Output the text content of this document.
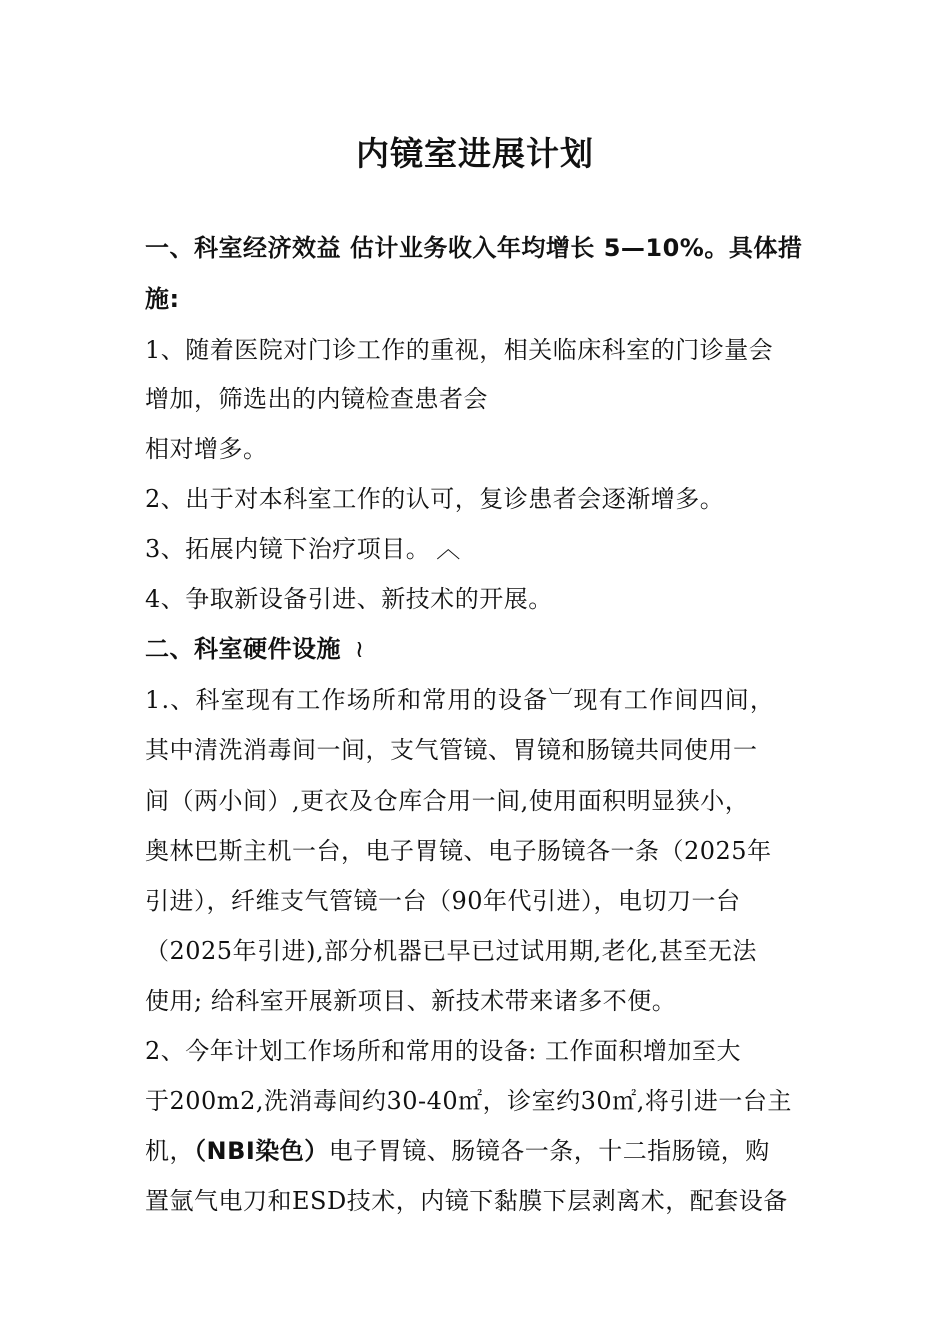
内镜室进展计划
一、科室经济效益 估计业务收入年均增长 5—10%。具体措
施:
1、随着医院对门诊工作的重视，相关临床科室的门诊量会
增加，筛选出的内镜检查患者会
相对增多。
2、出于对本科室工作的认可，复诊患者会逐渐增多。
3、拓展内镜下治疗项目。 ︿
4、争取新设备引进、新技术的开展。
二、科室硬件设施 ≀
1.、科室现有工作场所和常用的设备︺现有工作间四间，
其中清洗消毒间一间，支气管镜、胃镜和肠镜共同使用一
间（两小间）,更衣及仓库合用一间,使用面积明显狭小，
奥林巴斯主机一台，电子胃镜、电子肠镜各一条（2025年
引进），纤维支气管镜一台（90年代引进），电切刀一台
（2025年引进),部分机器已早已过试用期,老化,甚至无法
使用; 给科室开展新项目、新技术带来诸多不便。
2、今年计划工作场所和常用的设备: 工作面积增加至大
于200m2,洗消毒间约30-40㎡，诊室约30㎡,将引进一台主
机，（NBI染色）电子胃镜、肠镜各一条，十二指肠镜，购
置氩气电刀和ESD技术，内镜下黏膜下层剥离术，配套设备
